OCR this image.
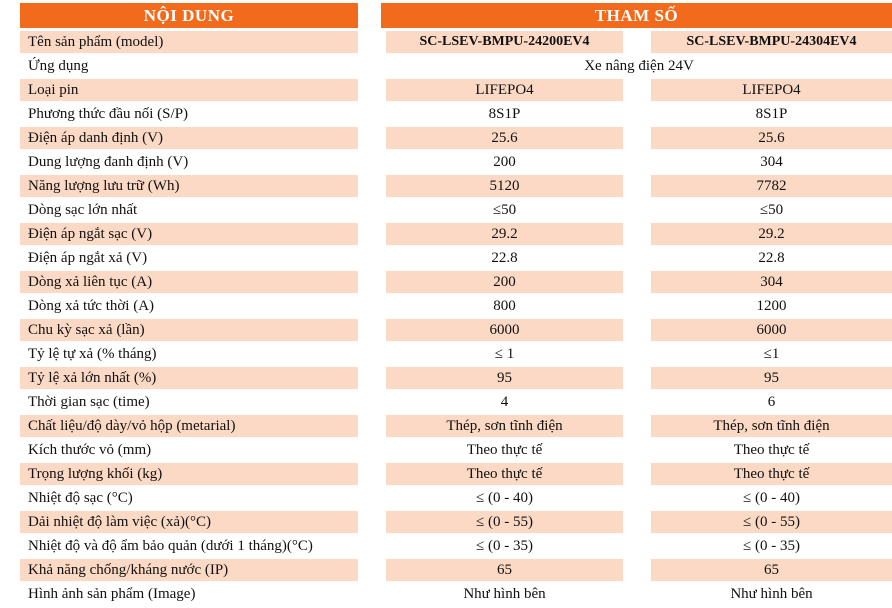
NỘI DUNG	THAM SỐ
Tên sản phẩm (model)	SC-LSEV-BMPU-24200EV4	SC-LSEV-BMPU-24304EV4
Ứng dụng	Xe nâng điện 24V
Loại pin	LIFEPO4	LIFEPO4
Phương thức đầu nối (S/P)	8S1P	8S1P
Điện áp danh định (V)	25.6	25.6
Dung lượng đanh định (V)	200	304
Năng lượng lưu trữ (Wh)	5120	7782
Dòng sạc lớn nhất	≤50	≤50
Điện áp ngắt sạc (V)	29.2	29.2
Điện áp ngắt xả (V)	22.8	22.8
Dòng xả liên tục (A)	200	304
Dòng xả tức thời (A)	800	1200
Chu kỳ sạc xả (lần)	6000	6000
Tỷ lệ tự xả (% tháng)	≤ 1	≤1
Tỷ lệ xả lớn nhất (%)	95	95
Thời gian sạc (time)	4	6
Chất liệu/độ dày/vỏ hộp (metarial)	Thép, sơn tĩnh điện	Thép, sơn tĩnh điện
Kích thước vỏ (mm)	Theo thực tế	Theo thực tế
Trọng lượng khối (kg)	Theo thực tế	Theo thực tế
Nhiệt độ sạc (°C)	≤ (0 - 40)	≤ (0 - 40)
Dải nhiệt độ làm việc (xả)(°C)	≤ (0 - 55)	≤ (0 - 55)
Nhiệt độ và độ ẩm bảo quản (dưới 1 tháng)(°C)	≤ (0 - 35)	≤ (0 - 35)
Khả năng chống/kháng nước (IP)	65	65
Hình ảnh sản phẩm (Image)	Như hình bên	Như hình bên
